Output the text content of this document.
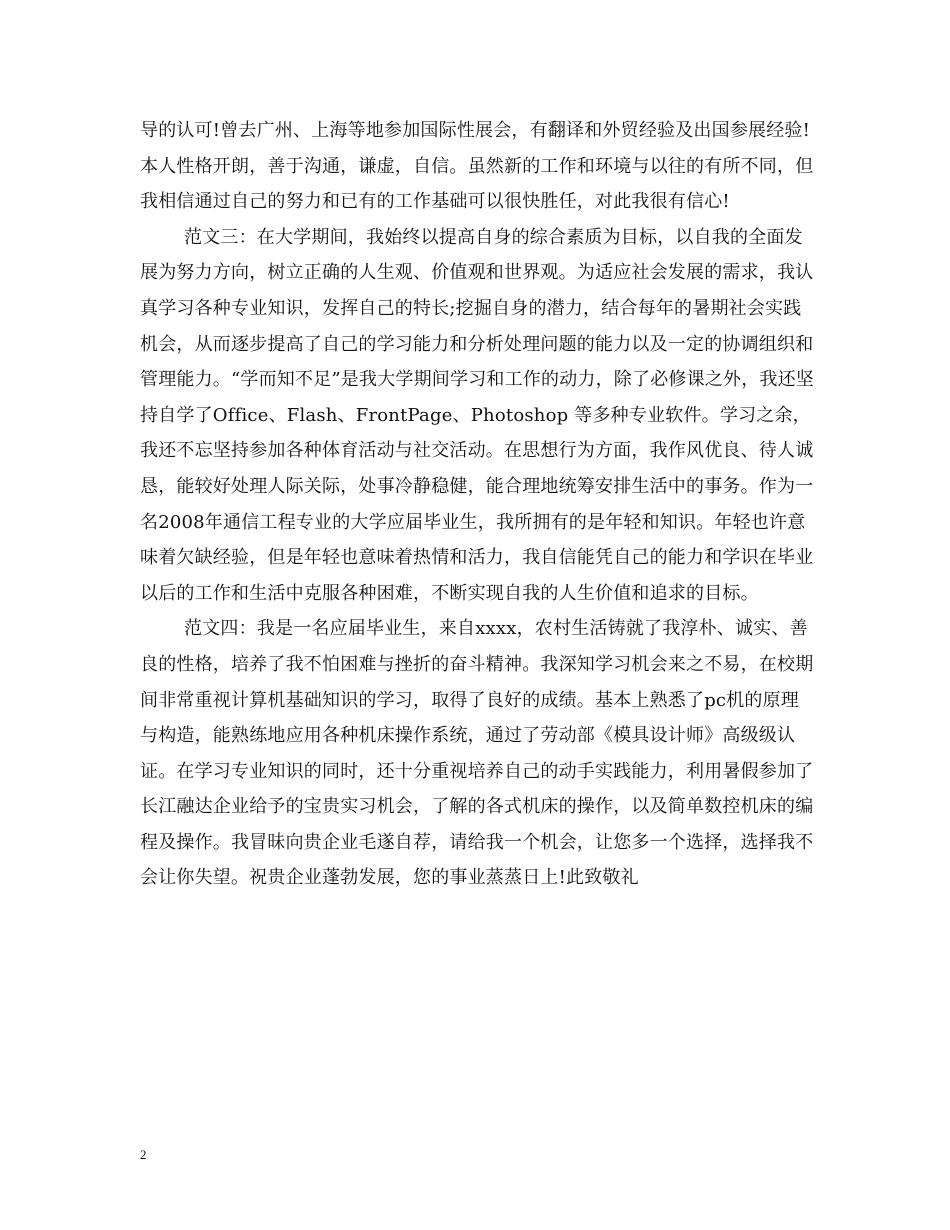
导的认可!曾去广州、上海等地参加国际性展会，有翻译和外贸经验及出国参展经验!本人性格开朗，善于沟通，谦虚，自信。虽然新的工作和环境与以往的有所不同，但我相信通过自己的努力和已有的工作基础可以很快胜任，对此我很有信心!

范文三：在大学期间，我始终以提高自身的综合素质为目标，以自我的全面发展为努力方向，树立正确的人生观、价值观和世界观。为适应社会发展的需求，我认真学习各种专业知识，发挥自己的特长;挖掘自身的潜力，结合每年的暑期社会实践机会，从而逐步提高了自己的学习能力和分析处理问题的能力以及一定的协调组织和管理能力。“学而知不足”是我大学期间学习和工作的动力，除了必修课之外，我还坚持自学了Office、Flash、FrontPage、Photoshop 等多种专业软件。学习之余，我还不忘坚持参加各种体育活动与社交活动。在思想行为方面，我作风优良、待人诚恳，能较好处理人际关际，处事冷静稳健，能合理地统筹安排生活中的事务。作为一名2008年通信工程专业的大学应届毕业生，我所拥有的是年轻和知识。年轻也许意味着欠缺经验，但是年轻也意味着热情和活力，我自信能凭自己的能力和学识在毕业以后的工作和生活中克服各种困难，不断实现自我的人生价值和追求的目标。

范文四：我是一名应届毕业生，来自xxxx，农村生活铸就了我淳朴、诚实、善良的性格，培养了我不怕困难与挫折的奋斗精神。我深知学习机会来之不易，在校期间非常重视计算机基础知识的学习，取得了良好的成绩。基本上熟悉了pc机的原理与构造，能熟练地应用各种机床操作系统，通过了劳动部《模具设计师》高级级认证。在学习专业知识的同时，还十分重视培养自己的动手实践能力，利用暑假参加了长江融达企业给予的宝贵实习机会，了解的各式机床的操作，以及简单数控机床的编程及操作。我冒昧向贵企业毛遂自荐，请给我一个机会，让您多一个选择，选择我不会让你失望。祝贵企业蓬勃发展，您的事业蒸蒸日上!此致敬礼

2
